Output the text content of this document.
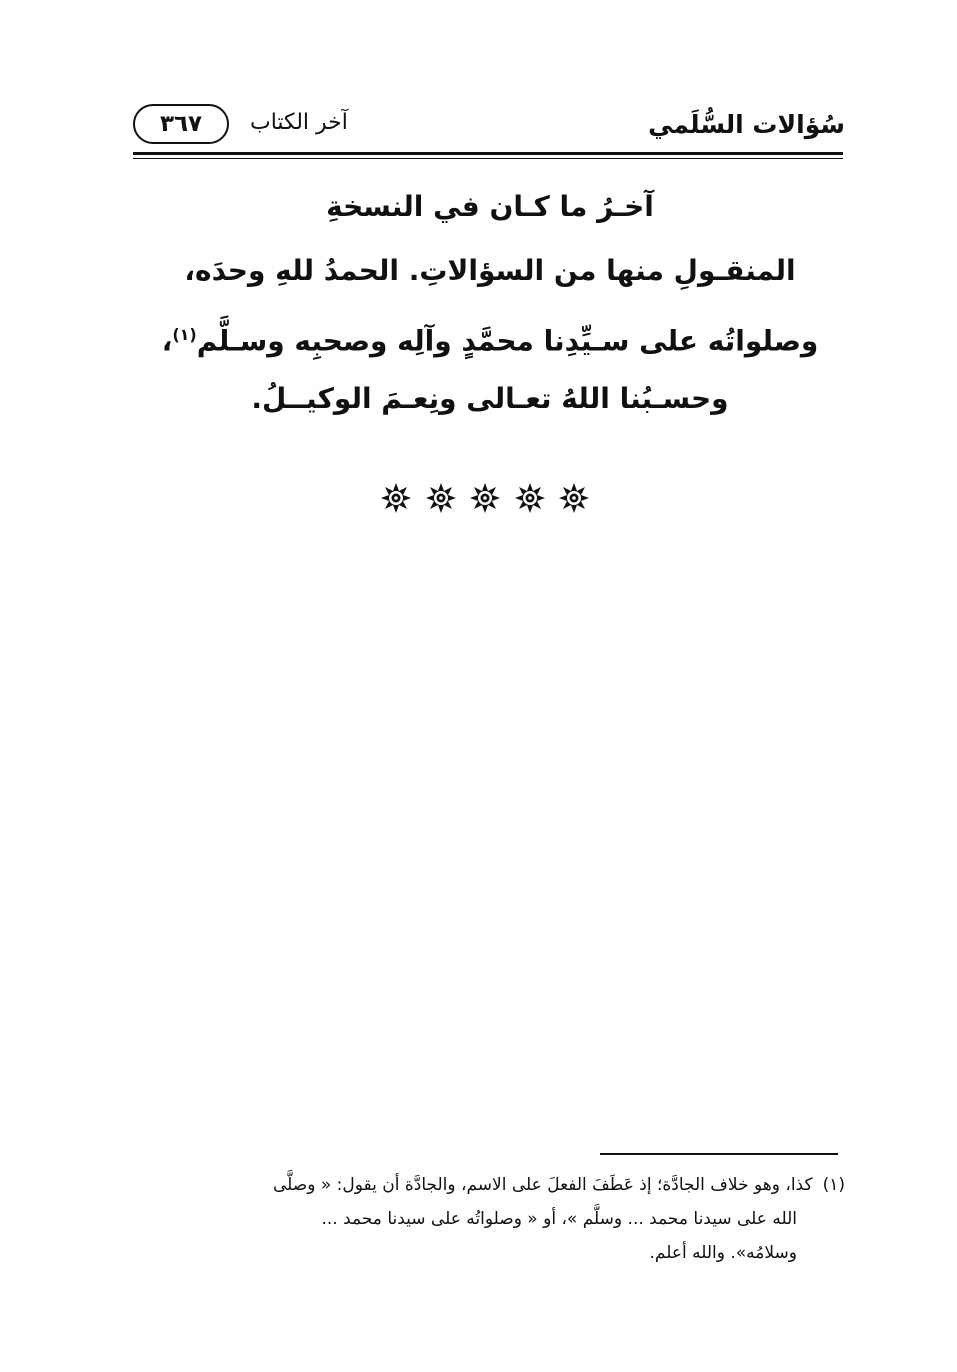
سُؤالات السُّلَمي
آخر الكتاب
٣٦٧
آخـرُ ما كـان في النسخةِ
المنقـولِ منها من السؤالاتِ. الحمدُ للهِ وحدَه،
وصلواتُه على سـيِّدِنا محمَّدٍ وآلِه وصحبِه وسـلَّم$^{(١)}$،
وحسـبُنا اللهُ تعـالى ونِعـمَ الوكيــلُ.
(١)كذا، وهو خلاف الجادَّة؛ إذ عَطَفَ الفعلَ على الاسم، والجادَّة أن يقول: « وصلَّى
الله على سيدنا محمد ... وسلَّم »، أو « وصلواتُه على سيدنا محمد ...
وسلامُه». والله أعلم.
